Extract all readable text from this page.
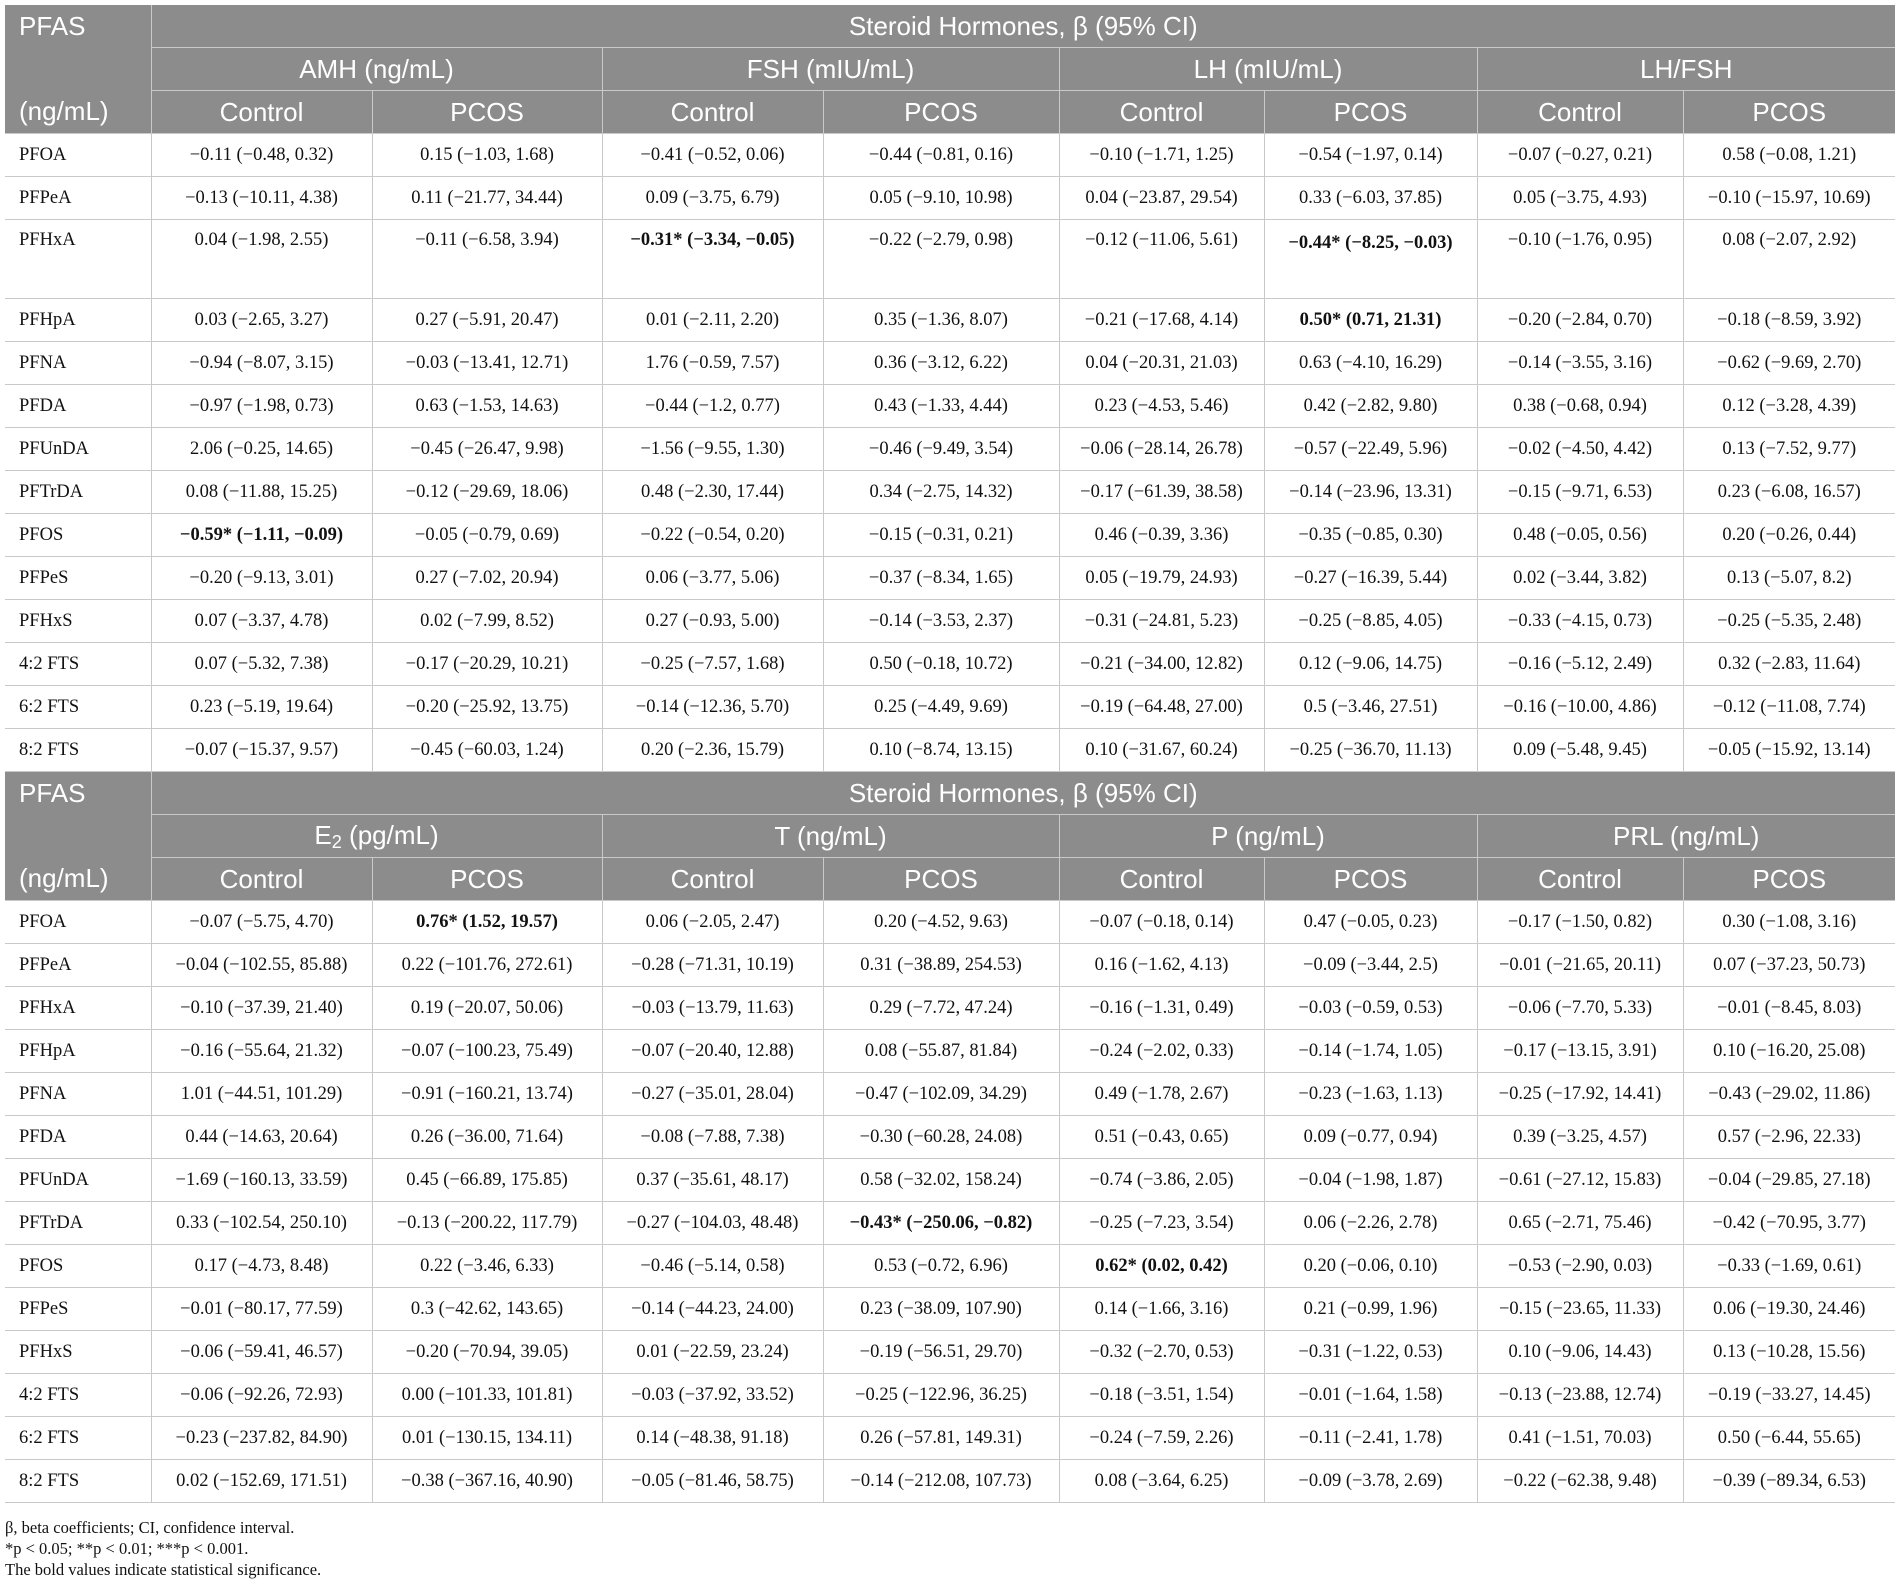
PFAS	Steroid Hormones, β (95% CI)							
	AMH (ng/mL)		FSH (mIU/mL)		LH (mIU/mL)		LH/FSH	
(ng/mL)	Control	PCOS	Control	PCOS	Control	PCOS	Control	PCOS
PFOA	−0.11 (−0.48, 0.32)	0.15 (−1.03, 1.68)	−0.41 (−0.52, 0.06)	−0.44 (−0.81, 0.16)	−0.10 (−1.71, 1.25)	−0.54 (−1.97, 0.14)	−0.07 (−0.27, 0.21)	0.58 (−0.08, 1.21)
PFPeA	−0.13 (−10.11, 4.38)	0.11 (−21.77, 34.44)	0.09 (−3.75, 6.79)	0.05 (−9.10, 10.98)	0.04 (−23.87, 29.54)	0.33 (−6.03, 37.85)	0.05 (−3.75, 4.93)	−0.10 (−15.97, 10.69)
PFHxA	0.04 (−1.98, 2.55)	−0.11 (−6.58, 3.94)	−0.31* (−3.34, −0.05)	−0.22 (−2.79, 0.98)	−0.12 (−11.06, 5.61)	−0.44* (−8.25, −0.03)	−0.10 (−1.76, 0.95)	0.08 (−2.07, 2.92)
PFHpA	0.03 (−2.65, 3.27)	0.27 (−5.91, 20.47)	0.01 (−2.11, 2.20)	0.35 (−1.36, 8.07)	−0.21 (−17.68, 4.14)	0.50* (0.71, 21.31)	−0.20 (−2.84, 0.70)	−0.18 (−8.59, 3.92)
PFNA	−0.94 (−8.07, 3.15)	−0.03 (−13.41, 12.71)	1.76 (−0.59, 7.57)	0.36 (−3.12, 6.22)	0.04 (−20.31, 21.03)	0.63 (−4.10, 16.29)	−0.14 (−3.55, 3.16)	−0.62 (−9.69, 2.70)
PFDA	−0.97 (−1.98, 0.73)	0.63 (−1.53, 14.63)	−0.44 (−1.2, 0.77)	0.43 (−1.33, 4.44)	0.23 (−4.53, 5.46)	0.42 (−2.82, 9.80)	0.38 (−0.68, 0.94)	0.12 (−3.28, 4.39)
PFUnDA	2.06 (−0.25, 14.65)	−0.45 (−26.47, 9.98)	−1.56 (−9.55, 1.30)	−0.46 (−9.49, 3.54)	−0.06 (−28.14, 26.78)	−0.57 (−22.49, 5.96)	−0.02 (−4.50, 4.42)	0.13 (−7.52, 9.77)
PFTrDA	0.08 (−11.88, 15.25)	−0.12 (−29.69, 18.06)	0.48 (−2.30, 17.44)	0.34 (−2.75, 14.32)	−0.17 (−61.39, 38.58)	−0.14 (−23.96, 13.31)	−0.15 (−9.71, 6.53)	0.23 (−6.08, 16.57)
PFOS	−0.59* (−1.11, −0.09)	−0.05 (−0.79, 0.69)	−0.22 (−0.54, 0.20)	−0.15 (−0.31, 0.21)	0.46 (−0.39, 3.36)	−0.35 (−0.85, 0.30)	0.48 (−0.05, 0.56)	0.20 (−0.26, 0.44)
PFPeS	−0.20 (−9.13, 3.01)	0.27 (−7.02, 20.94)	0.06 (−3.77, 5.06)	−0.37 (−8.34, 1.65)	0.05 (−19.79, 24.93)	−0.27 (−16.39, 5.44)	0.02 (−3.44, 3.82)	0.13 (−5.07, 8.2)
PFHxS	0.07 (−3.37, 4.78)	0.02 (−7.99, 8.52)	0.27 (−0.93, 5.00)	−0.14 (−3.53, 2.37)	−0.31 (−24.81, 5.23)	−0.25 (−8.85, 4.05)	−0.33 (−4.15, 0.73)	−0.25 (−5.35, 2.48)
4:2 FTS	0.07 (−5.32, 7.38)	−0.17 (−20.29, 10.21)	−0.25 (−7.57, 1.68)	0.50 (−0.18, 10.72)	−0.21 (−34.00, 12.82)	0.12 (−9.06, 14.75)	−0.16 (−5.12, 2.49)	0.32 (−2.83, 11.64)
6:2 FTS	0.23 (−5.19, 19.64)	−0.20 (−25.92, 13.75)	−0.14 (−12.36, 5.70)	0.25 (−4.49, 9.69)	−0.19 (−64.48, 27.00)	0.5 (−3.46, 27.51)	−0.16 (−10.00, 4.86)	−0.12 (−11.08, 7.74)
8:2 FTS	−0.07 (−15.37, 9.57)	−0.45 (−60.03, 1.24)	0.20 (−2.36, 15.79)	0.10 (−8.74, 13.15)	0.10 (−31.67, 60.24)	−0.25 (−36.70, 11.13)	0.09 (−5.48, 9.45)	−0.05 (−15.92, 13.14)
PFAS	Steroid Hormones, β (95% CI)							
	$E_2$ (pg/mL)		T (ng/mL)		P (ng/mL)		PRL (ng/mL)	
(ng/mL)	Control	PCOS	Control	PCOS	Control	PCOS	Control	PCOS
PFOA	−0.07 (−5.75, 4.70)	0.76* (1.52, 19.57)	0.06 (−2.05, 2.47)	0.20 (−4.52, 9.63)	−0.07 (−0.18, 0.14)	0.47 (−0.05, 0.23)	−0.17 (−1.50, 0.82)	0.30 (−1.08, 3.16)
PFPeA	−0.04 (−102.55, 85.88)	0.22 (−101.76, 272.61)	−0.28 (−71.31, 10.19)	0.31 (−38.89, 254.53)	0.16 (−1.62, 4.13)	−0.09 (−3.44, 2.5)	−0.01 (−21.65, 20.11)	0.07 (−37.23, 50.73)
PFHxA	−0.10 (−37.39, 21.40)	0.19 (−20.07, 50.06)	−0.03 (−13.79, 11.63)	0.29 (−7.72, 47.24)	−0.16 (−1.31, 0.49)	−0.03 (−0.59, 0.53)	−0.06 (−7.70, 5.33)	−0.01 (−8.45, 8.03)
PFHpA	−0.16 (−55.64, 21.32)	−0.07 (−100.23, 75.49)	−0.07 (−20.40, 12.88)	0.08 (−55.87, 81.84)	−0.24 (−2.02, 0.33)	−0.14 (−1.74, 1.05)	−0.17 (−13.15, 3.91)	0.10 (−16.20, 25.08)
PFNA	1.01 (−44.51, 101.29)	−0.91 (−160.21, 13.74)	−0.27 (−35.01, 28.04)	−0.47 (−102.09, 34.29)	0.49 (−1.78, 2.67)	−0.23 (−1.63, 1.13)	−0.25 (−17.92, 14.41)	−0.43 (−29.02, 11.86)
PFDA	0.44 (−14.63, 20.64)	0.26 (−36.00, 71.64)	−0.08 (−7.88, 7.38)	−0.30 (−60.28, 24.08)	0.51 (−0.43, 0.65)	0.09 (−0.77, 0.94)	0.39 (−3.25, 4.57)	0.57 (−2.96, 22.33)
PFUnDA	−1.69 (−160.13, 33.59)	0.45 (−66.89, 175.85)	0.37 (−35.61, 48.17)	0.58 (−32.02, 158.24)	−0.74 (−3.86, 2.05)	−0.04 (−1.98, 1.87)	−0.61 (−27.12, 15.83)	−0.04 (−29.85, 27.18)
PFTrDA	0.33 (−102.54, 250.10)	−0.13 (−200.22, 117.79)	−0.27 (−104.03, 48.48)	−0.43* (−250.06, −0.82)	−0.25 (−7.23, 3.54)	0.06 (−2.26, 2.78)	0.65 (−2.71, 75.46)	−0.42 (−70.95, 3.77)
PFOS	0.17 (−4.73, 8.48)	0.22 (−3.46, 6.33)	−0.46 (−5.14, 0.58)	0.53 (−0.72, 6.96)	0.62* (0.02, 0.42)	0.20 (−0.06, 0.10)	−0.53 (−2.90, 0.03)	−0.33 (−1.69, 0.61)
PFPeS	−0.01 (−80.17, 77.59)	0.3 (−42.62, 143.65)	−0.14 (−44.23, 24.00)	0.23 (−38.09, 107.90)	0.14 (−1.66, 3.16)	0.21 (−0.99, 1.96)	−0.15 (−23.65, 11.33)	0.06 (−19.30, 24.46)
PFHxS	−0.06 (−59.41, 46.57)	−0.20 (−70.94, 39.05)	0.01 (−22.59, 23.24)	−0.19 (−56.51, 29.70)	−0.32 (−2.70, 0.53)	−0.31 (−1.22, 0.53)	0.10 (−9.06, 14.43)	0.13 (−10.28, 15.56)
4:2 FTS	−0.06 (−92.26, 72.93)	0.00 (−101.33, 101.81)	−0.03 (−37.92, 33.52)	−0.25 (−122.96, 36.25)	−0.18 (−3.51, 1.54)	−0.01 (−1.64, 1.58)	−0.13 (−23.88, 12.74)	−0.19 (−33.27, 14.45)
6:2 FTS	−0.23 (−237.82, 84.90)	0.01 (−130.15, 134.11)	0.14 (−48.38, 91.18)	0.26 (−57.81, 149.31)	−0.24 (−7.59, 2.26)	−0.11 (−2.41, 1.78)	0.41 (−1.51, 70.03)	0.50 (−6.44, 55.65)
8:2 FTS	0.02 (−152.69, 171.51)	−0.38 (−367.16, 40.90)	−0.05 (−81.46, 58.75)	−0.14 (−212.08, 107.73)	0.08 (−3.64, 6.25)	−0.09 (−3.78, 2.69)	−0.22 (−62.38, 9.48)	−0.39 (−89.34, 6.53)
β, beta coefficients; CI, confidence interval.
*p < 0.05; **p < 0.01; ***p < 0.001.
The bold values indicate statistical significance.
